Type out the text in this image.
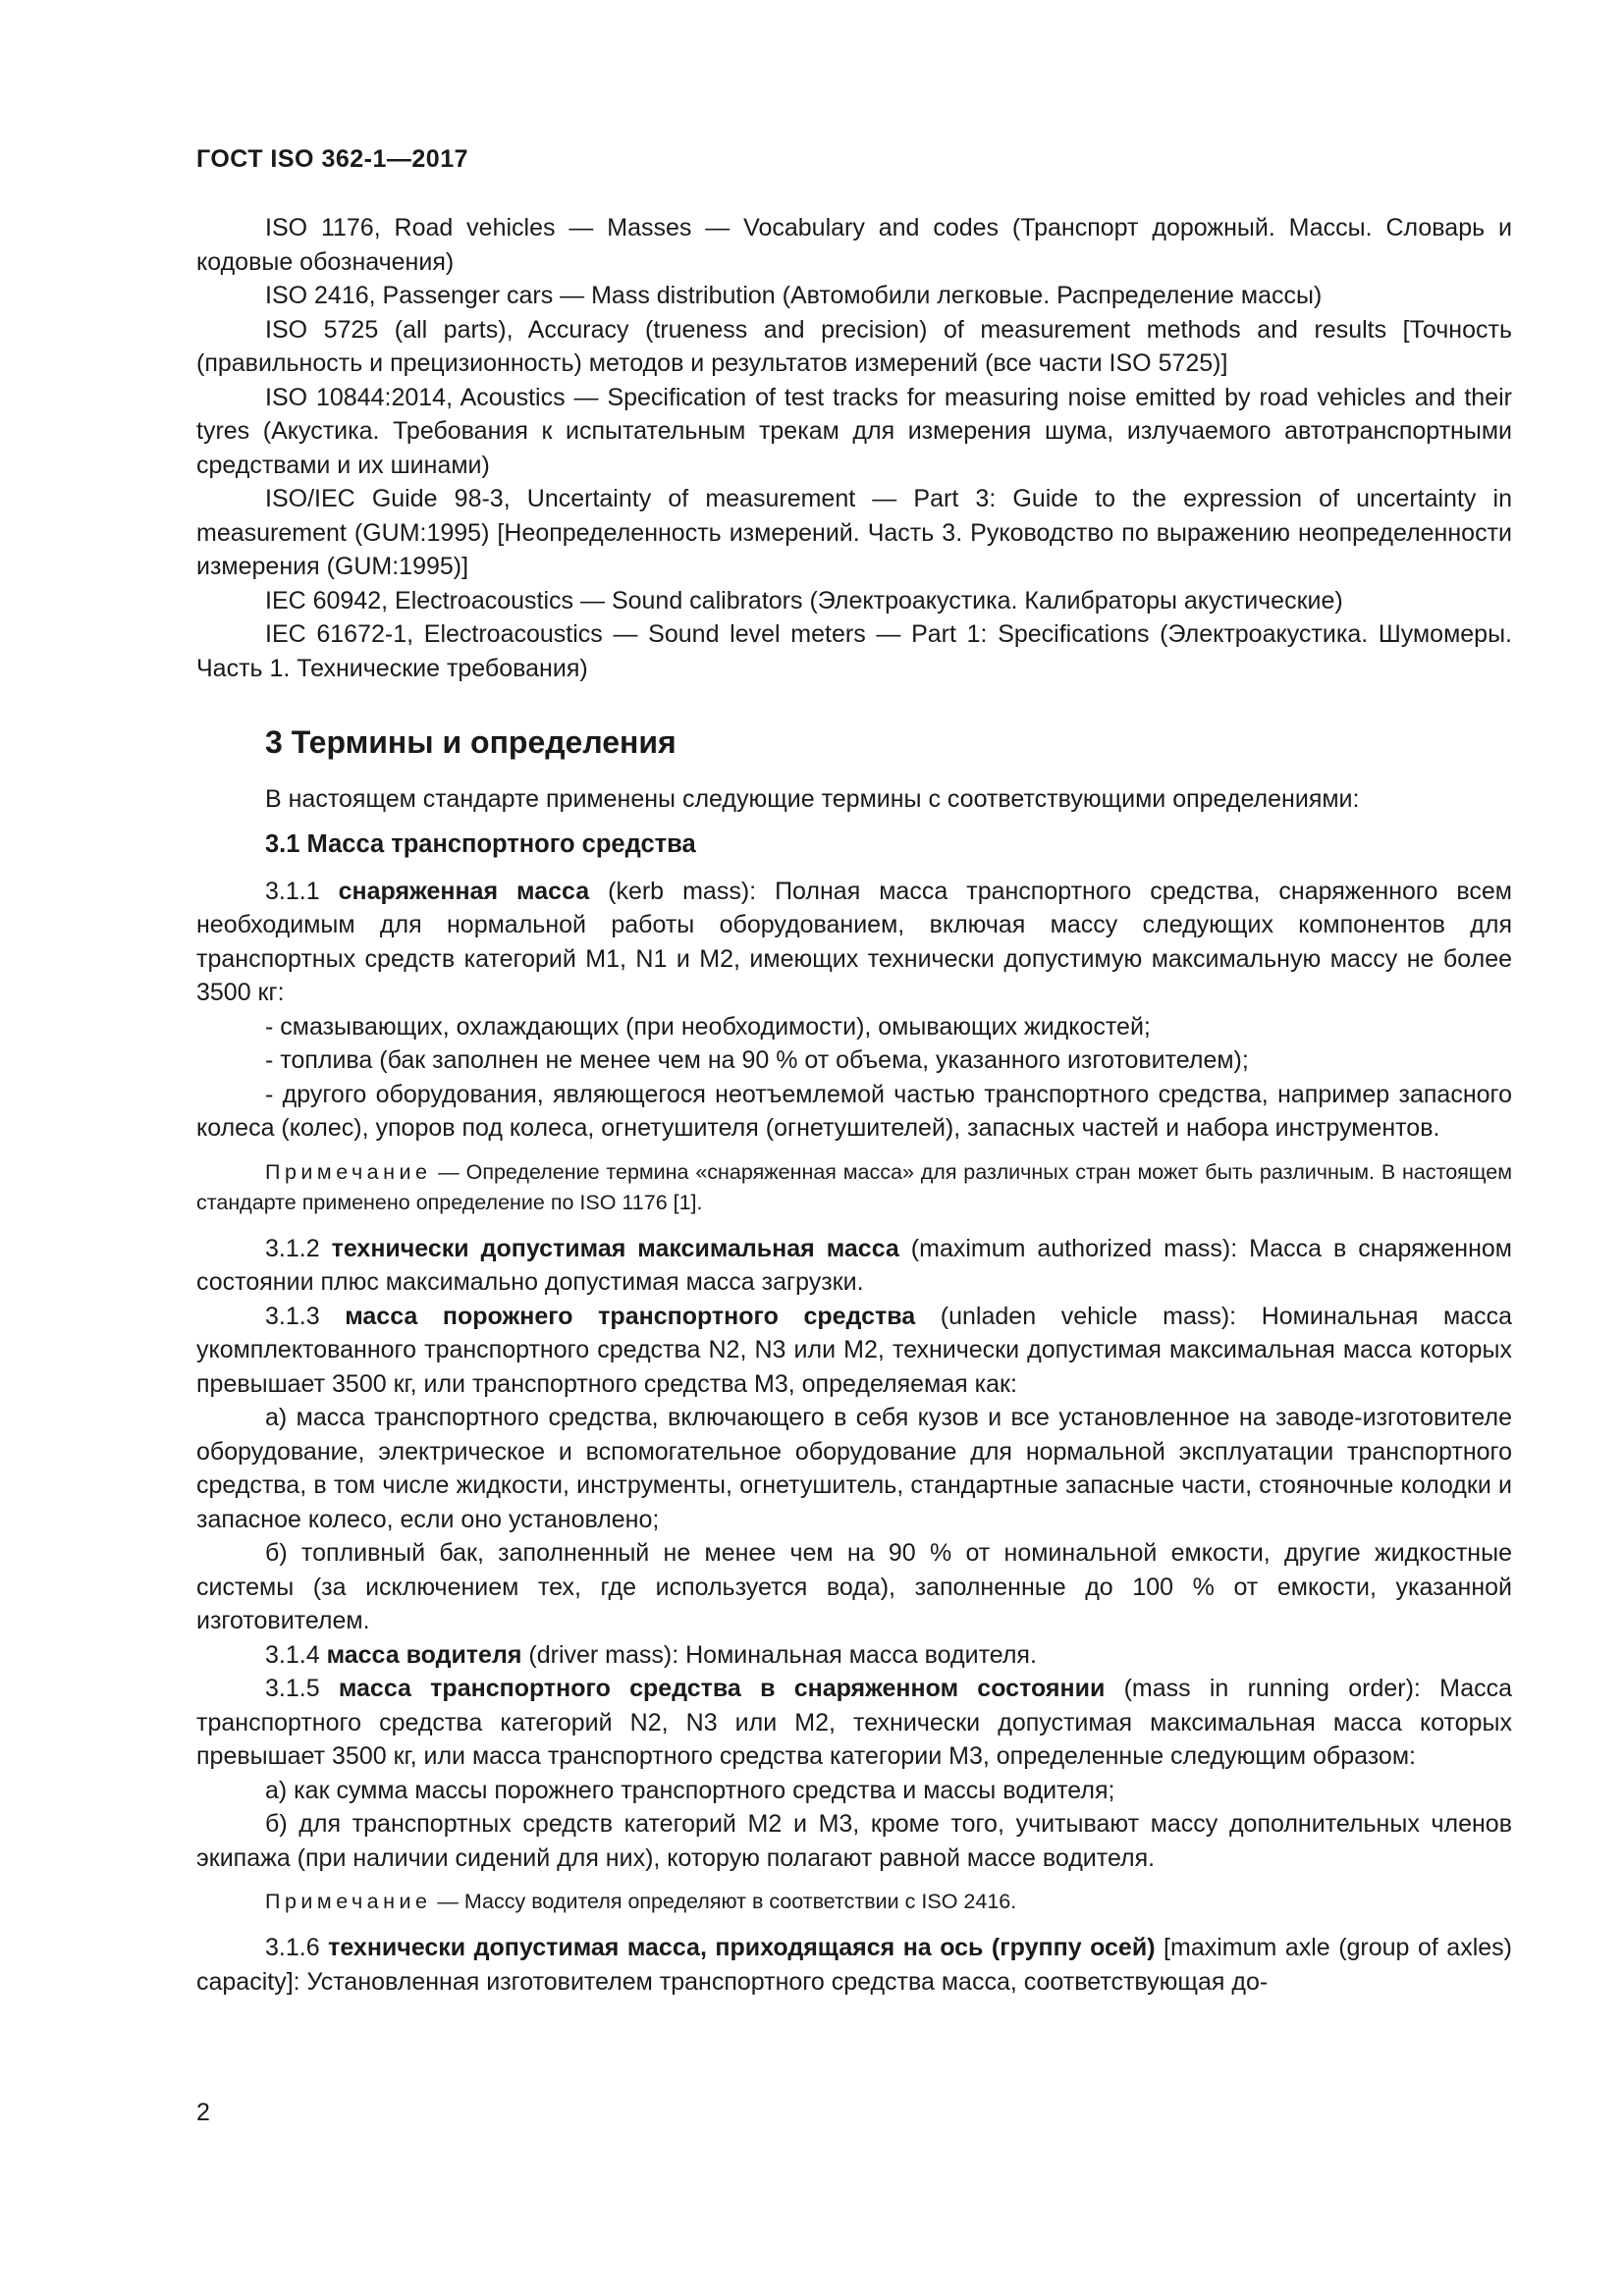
ГОСТ ISO 362-1—2017

ISO 1176, Road vehicles — Masses — Vocabulary and codes (Транспорт дорожный. Массы. Словарь и кодовые обозначения)

ISO 2416, Passenger cars — Mass distribution (Автомобили легковые. Распределение массы)

ISO 5725 (all parts), Accuracy (trueness and precision) of measurement methods and results [Точность (правильность и прецизионность) методов и результатов измерений (все части ISO 5725)]

ISO 10844:2014, Acoustics — Specification of test tracks for measuring noise emitted by road vehicles and their tyres (Акустика. Требования к испытательным трекам для измерения шума, излучаемого автотранспортными средствами и их шинами)

ISO/IEC Guide 98-3, Uncertainty of measurement — Part 3: Guide to the expression of uncertainty in measurement (GUM:1995) [Неопределенность измерений. Часть 3. Руководство по выражению неопределенности измерения (GUM:1995)]

IEC 60942, Electroacoustics — Sound calibrators (Электроакустика. Калибраторы акустические)

IEC 61672-1, Electroacoustics — Sound level meters — Part 1: Specifications (Электроакустика. Шумомеры. Часть 1. Технические требования)

3 Термины и определения

В настоящем стандарте применены следующие термины с соответствующими определениями:

3.1 Масса транспортного средства

3.1.1 снаряженная масса (kerb mass): Полная масса транспортного средства, снаряженного всем необходимым для нормальной работы оборудованием, включая массу следующих компонентов для транспортных средств категорий М1, N1 и М2, имеющих технически допустимую максимальную массу не более 3500 кг:

- смазывающих, охлаждающих (при необходимости), омывающих жидкостей;

- топлива (бак заполнен не менее чем на 90 % от объема, указанного изготовителем);

- другого оборудования, являющегося неотъемлемой частью транспортного средства, например запасного колеса (колес), упоров под колеса, огнетушителя (огнетушителей), запасных частей и набора инструментов.

Примечание — Определение термина «снаряженная масса» для различных стран может быть различным. В настоящем стандарте применено определение по ISO 1176 [1].

3.1.2 технически допустимая максимальная масса (maximum authorized mass): Масса в снаряженном состоянии плюс максимально допустимая масса загрузки.

3.1.3 масса порожнего транспортного средства (unladen vehicle mass): Номинальная масса укомплектованного транспортного средства N2, N3 или М2, технически допустимая максимальная масса которых превышает 3500 кг, или транспортного средства М3, определяемая как:

а) масса транспортного средства, включающего в себя кузов и все установленное на заводе-изготовителе оборудование, электрическое и вспомогательное оборудование для нормальной эксплуатации транспортного средства, в том числе жидкости, инструменты, огнетушитель, стандартные запасные части, стояночные колодки и запасное колесо, если оно установлено;

б) топливный бак, заполненный не менее чем на 90 % от номинальной емкости, другие жидкостные системы (за исключением тех, где используется вода), заполненные до 100 % от емкости, указанной изготовителем.

3.1.4 масса водителя (driver mass): Номинальная масса водителя.

3.1.5 масса транспортного средства в снаряженном состоянии (mass in running order): Масса транспортного средства категорий N2, N3 или М2, технически допустимая максимальная масса которых превышает 3500 кг, или масса транспортного средства категории М3, определенные следующим образом:

а) как сумма массы порожнего транспортного средства и массы водителя;

б) для транспортных средств категорий М2 и М3, кроме того, учитывают массу дополнительных членов экипажа (при наличии сидений для них), которую полагают равной массе водителя.

Примечание — Массу водителя определяют в соответствии с ISO 2416.

3.1.6 технически допустимая масса, приходящаяся на ось (группу осей) [maximum axle (group of axles) capacity]: Установленная изготовителем транспортного средства масса, соответствующая до-

2
